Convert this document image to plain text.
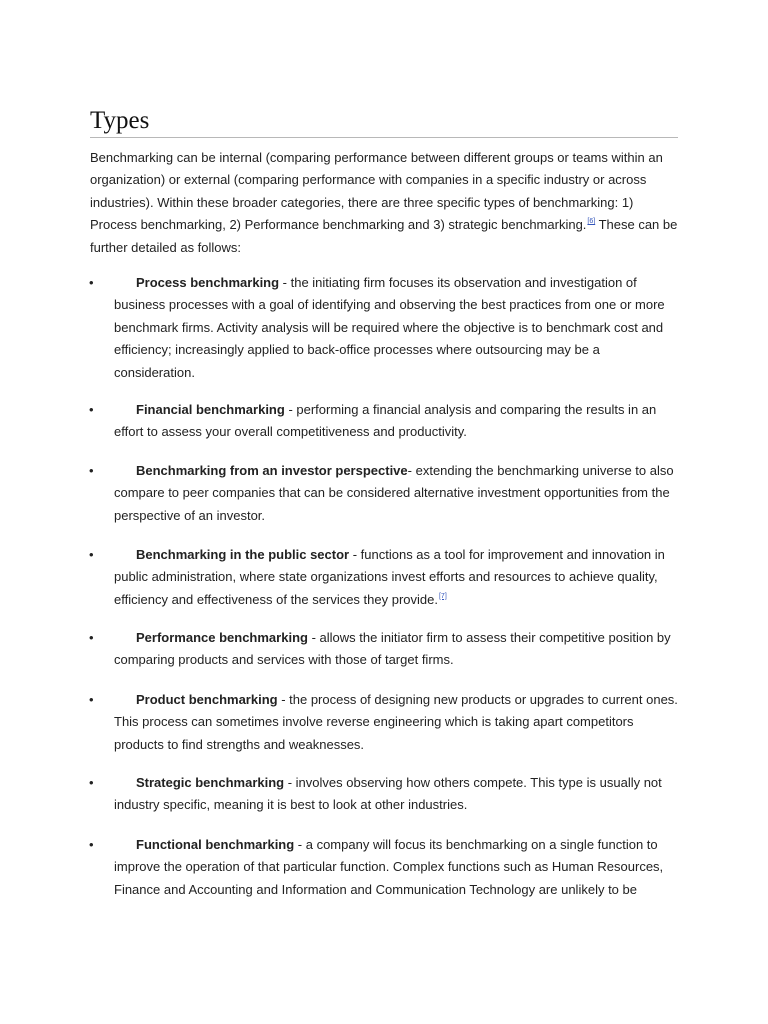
Types

Benchmarking can be internal (comparing performance between different groups or teams within an organization) or external (comparing performance with companies in a specific industry or across industries). Within these broader categories, there are three specific types of benchmarking: 1) Process benchmarking, 2) Performance benchmarking and 3) strategic benchmarking.[6] These can be further detailed as follows:

•	Process benchmarking - the initiating firm focuses its observation and investigation of business processes with a goal of identifying and observing the best practices from one or more benchmark firms. Activity analysis will be required where the objective is to benchmark cost and efficiency; increasingly applied to back-office processes where outsourcing may be a consideration.

•	Financial benchmarking - performing a financial analysis and comparing the results in an effort to assess your overall competitiveness and productivity.

•	Benchmarking from an investor perspective- extending the benchmarking universe to also compare to peer companies that can be considered alternative investment opportunities from the perspective of an investor.

•	Benchmarking in the public sector - functions as a tool for improvement and innovation in public administration, where state organizations invest efforts and resources to achieve quality, efficiency and effectiveness of the services they provide.[7]

•	Performance benchmarking - allows the initiator firm to assess their competitive position by comparing products and services with those of target firms.

•	Product benchmarking - the process of designing new products or upgrades to current ones. This process can sometimes involve reverse engineering which is taking apart competitors products to find strengths and weaknesses.

•	Strategic benchmarking - involves observing how others compete. This type is usually not industry specific, meaning it is best to look at other industries.

•	Functional benchmarking - a company will focus its benchmarking on a single function to improve the operation of that particular function. Complex functions such as Human Resources, Finance and Accounting and Information and Communication Technology are unlikely to be
